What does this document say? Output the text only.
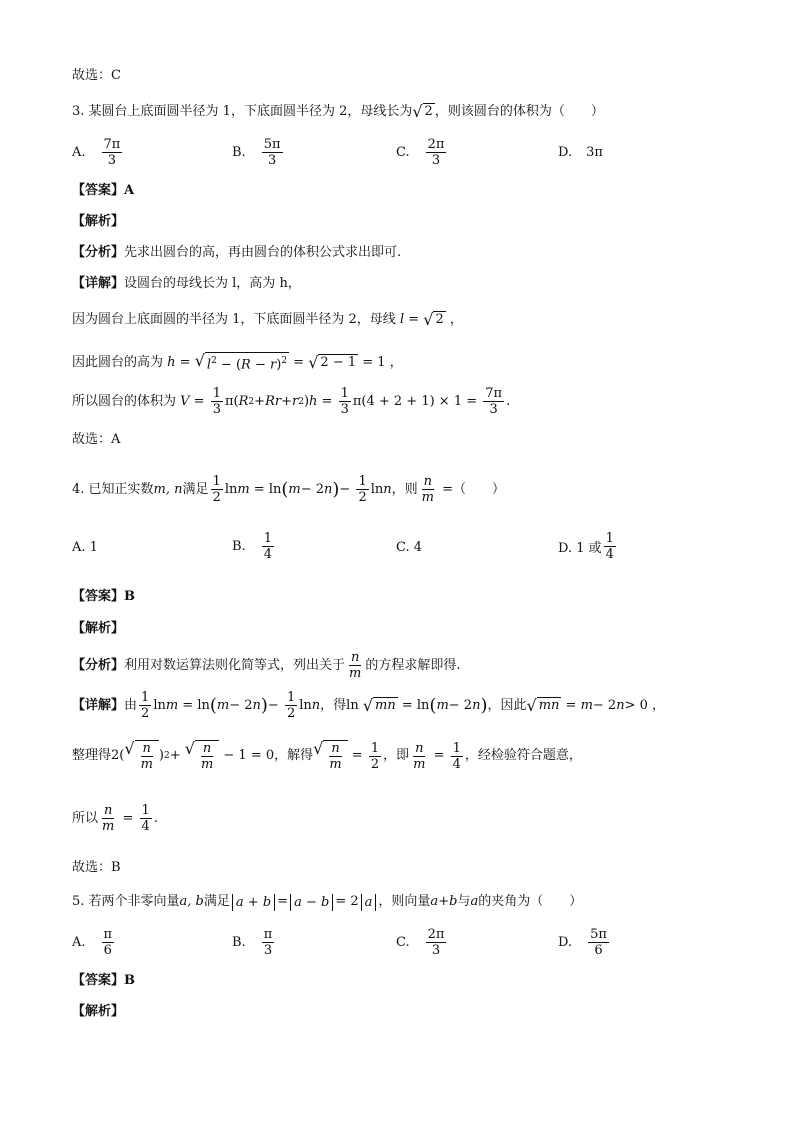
故选：C
3. 某圆台上底面圆半径为 1，下底面圆半径为 2，母线长为 √ 2 ，则该圆台的体积为（　　）
A. $\frac{7\pi}{3}$	B. $\frac{5\pi}{3}$	C. $\frac{2\pi}{3}$	D. 3π
【答案】A
【解析】
【分析】先求出圆台的高，再由圆台的体积公式求出即可.
【详解】设圆台的母线长为 l，高为 h，
因为圆台上底面圆的半径为 1，下底面圆半径为 2，母线 l = √ 2 ，
因此圆台的高为 h = √ $l^2 - (R - r)^2$ = √ 2 − 1 = 1 ，
所以圆台的体积为 $V = \frac{1}{3} \pi$( R 2 + Rr + r 2 ) $h = \frac{1}{3} \pi(4 + 2 + 1) \times 1 = \frac{7\pi}{3}$ .
故选：A
4. 已知正实数 m, n 满足 $\frac{1}{2}$ ln m = ln ( m − 2 n ) − $\frac{1}{2}$ ln n ，则 $\frac{n}{m}$ = （　　）
A. 1	B. $\frac{1}{4}$	C. 4	D. 1 或 $\frac{1}{4}$
【答案】B
【解析】
【分析】 利用对数运算法则化简等式，列出关于 $\frac{n}{m}$ 的方程求解即得.
【详解】 由 $\frac{1}{2}$ ln m = ln ( m − 2 n ) − $\frac{1}{2}$ ln n ，得 ln √ mn = ln ( m − 2 n ) ，因此 √ mn = m − 2 n > 0 ，
整理得 2( √ $\frac{n}{m}$ ) 2 + √ $\frac{n}{m} - 1 = 0$ ，解得 √ $\frac{n}{m} = \frac{1}{2}$ ，即 $\frac{n}{m} = \frac{1}{4}$ ，经检验符合题意，
所以 $\frac{n}{m} = \frac{1}{4}$ .
故选：B
5. 若两个非零向量 a, b 满足 a + b = a − b = 2 a ，则向量 a + b 与 a 的夹角为（　　）
A. $\frac{\pi}{6}$	B. $\frac{\pi}{3}$	C. $\frac{2\pi}{3}$	D. $\frac{5\pi}{6}$
【答案】B
【解析】
